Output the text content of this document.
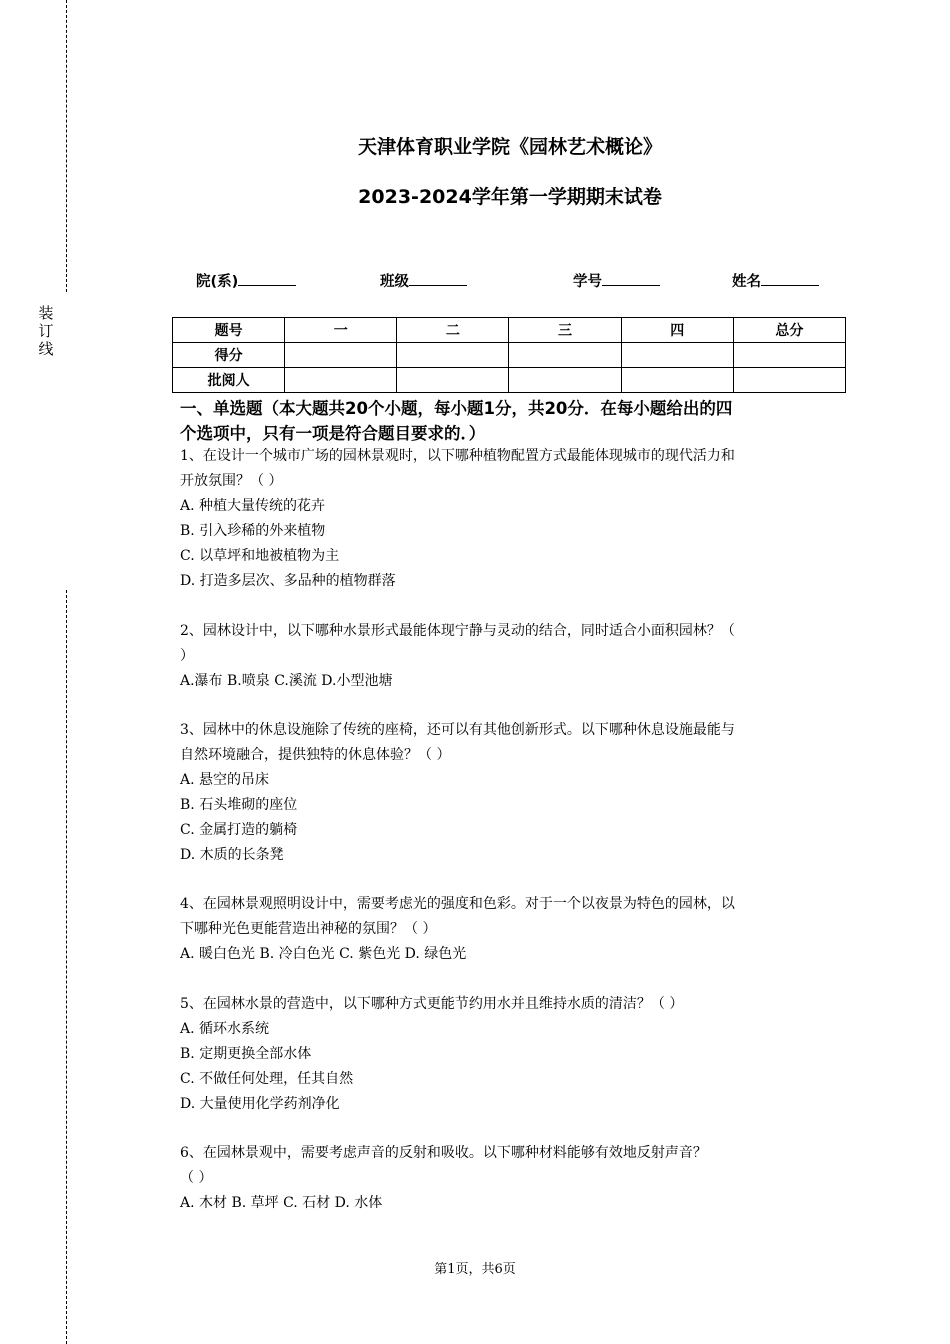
装订线
天津体育职业学院《园林艺术概论》
2023-2024学年第一学期期末试卷
院(系)	班级	学号	姓名
题号	一	二	三	四	总分
得分					
批阅人					
一、单选题（本大题共20个小题，每小题1分，共20分．在每小题给出的四
个选项中，只有一项是符合题目要求的．）
1、在设计一个城市广场的园林景观时，以下哪种植物配置方式最能体现城市的现代活力和
开放氛围？（ ）
A. 种植大量传统的花卉
B. 引入珍稀的外来植物
C. 以草坪和地被植物为主
D. 打造多层次、多品种的植物群落
2、园林设计中，以下哪种水景形式最能体现宁静与灵动的结合，同时适合小面积园林？（
）
A.瀑布 B.喷泉 C.溪流 D.小型池塘
3、园林中的休息设施除了传统的座椅，还可以有其他创新形式。以下哪种休息设施最能与
自然环境融合，提供独特的休息体验？（ ）
A. 悬空的吊床
B. 石头堆砌的座位
C. 金属打造的躺椅
D. 木质的长条凳
4、在园林景观照明设计中，需要考虑光的强度和色彩。对于一个以夜景为特色的园林，以
下哪种光色更能营造出神秘的氛围？（ ）
A. 暖白色光 B. 冷白色光 C. 紫色光 D. 绿色光
5、在园林水景的营造中，以下哪种方式更能节约用水并且维持水质的清洁？（ ）
A. 循环水系统
B. 定期更换全部水体
C. 不做任何处理，任其自然
D. 大量使用化学药剂净化
6、在园林景观中，需要考虑声音的反射和吸收。以下哪种材料能够有效地反射声音？
（ ）
A. 木材 B. 草坪 C. 石材 D. 水体
第1页，共6页
